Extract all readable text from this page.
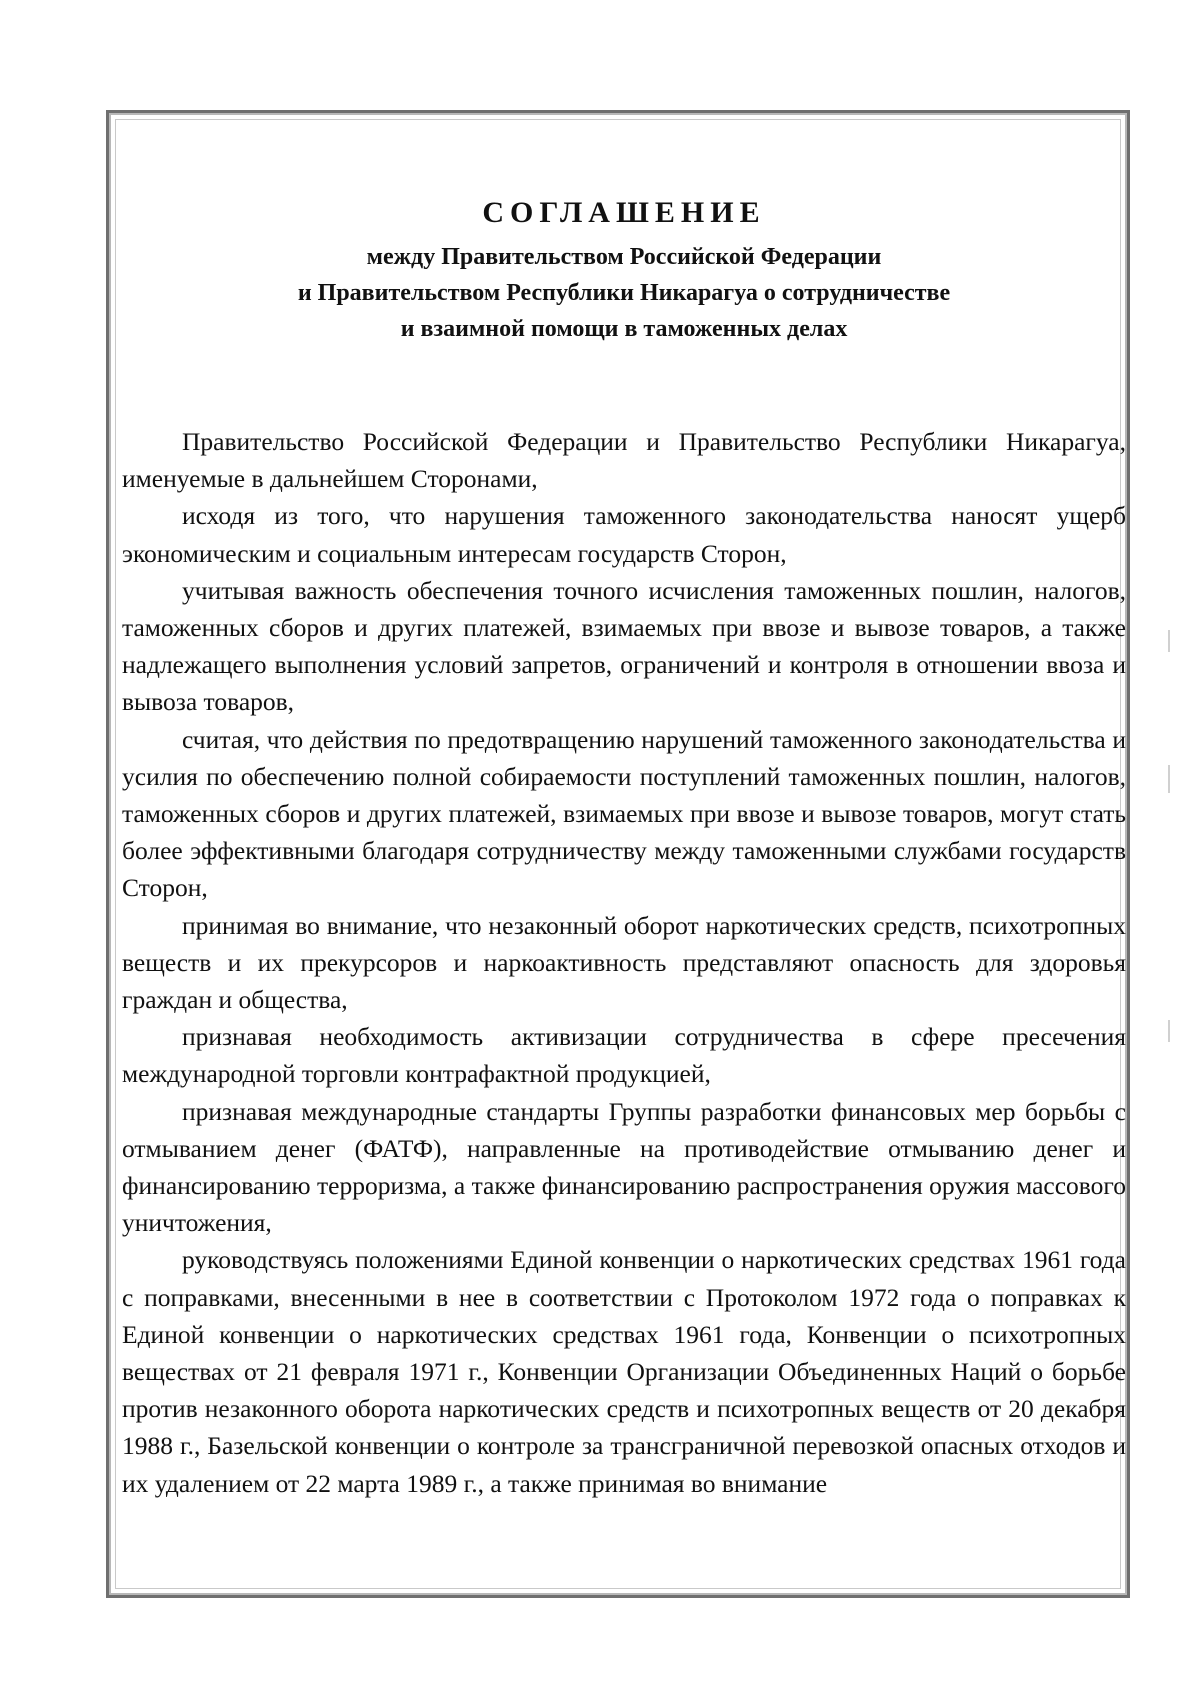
СОГЛАШЕНИЕ
между Правительством Российской Федерации
и Правительством Республики Никарагуа о сотрудничестве
и взаимной помощи в таможенных делах

Правительство Российской Федерации и Правительство Республики Никарагуа, именуемые в дальнейшем Сторонами,

исходя из того, что нарушения таможенного законодательства наносят ущерб экономическим и социальным интересам государств Сторон,

учитывая важность обеспечения точного исчисления таможенных пошлин, налогов, таможенных сборов и других платежей, взимаемых при ввозе и вывозе товаров, а также надлежащего выполнения условий запретов, ограничений и контроля в отношении ввоза и вывоза товаров,

считая, что действия по предотвращению нарушений таможенного законодательства и усилия по обеспечению полной собираемости поступлений таможенных пошлин, налогов, таможенных сборов и других платежей, взимаемых при ввозе и вывозе товаров, могут стать более эффективными благодаря сотрудничеству между таможенными службами государств Сторон,

принимая во внимание, что незаконный оборот наркотических средств, психотропных веществ и их прекурсоров и наркоактивность представляют опасность для здоровья граждан и общества,

признавая необходимость активизации сотрудничества в сфере пресечения международной торговли контрафактной продукцией,

признавая международные стандарты Группы разработки финансовых мер борьбы с отмыванием денег (ФАТФ), направленные на противодействие отмыванию денег и финансированию терроризма, а также финансированию распространения оружия массового уничтожения,

руководствуясь положениями Единой конвенции о наркотических средствах 1961 года с поправками, внесенными в нее в соответствии с Протоколом 1972 года о поправках к Единой конвенции о наркотических средствах 1961 года, Конвенции о психотропных веществах от 21 февраля 1971 г., Конвенции Организации Объединенных Наций о борьбе против незаконного оборота наркотических средств и психотропных веществ от 20 декабря 1988 г., Базельской конвенции о контроле за трансграничной перевозкой опасных отходов и их удалением от 22 марта 1989 г., а также принимая во внимание
